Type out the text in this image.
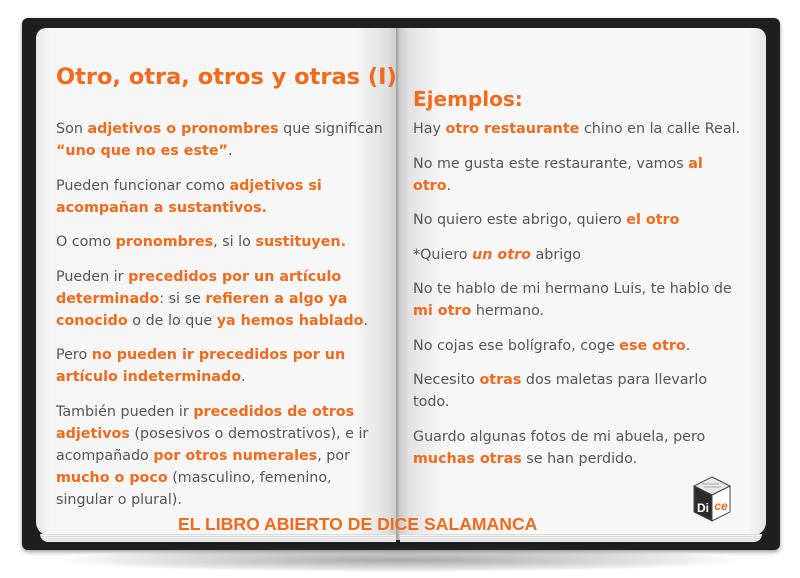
Otro, otra, otros y otras (I)

Son adjetivos o pronombres que significan “uno que no es este”.

Pueden funcionar como adjetivos si acompañan a sustantivos.

O como pronombres, si lo sustituyen.

Pueden ir precedidos por un artículo determinado: si se refieren a algo ya conocido o de lo que ya hemos hablado.

Pero no pueden ir precedidos por un artículo indeterminado.

También pueden ir precedidos de otros adjetivos (posesivos o demostrativos), e ir acompañado por otros numerales, por mucho o poco (masculino, femenino, singular o plural).

Ejemplos:

Hay otro restaurante chino en la calle Real.

No me gusta este restaurante, vamos al otro.

No quiero este abrigo, quiero el otro

*Quiero un otro abrigo

No te hablo de mi hermano Luis, te hablo de mi otro hermano.

No cojas ese bolígrafo, coge ese otro.

Necesito otras dos maletas para llevarlo todo.

Guardo algunas fotos de mi abuela, pero muchas otras se han perdido.

EL LIBRO ABIERTO DE DICE SALAMANCA
Di ce
